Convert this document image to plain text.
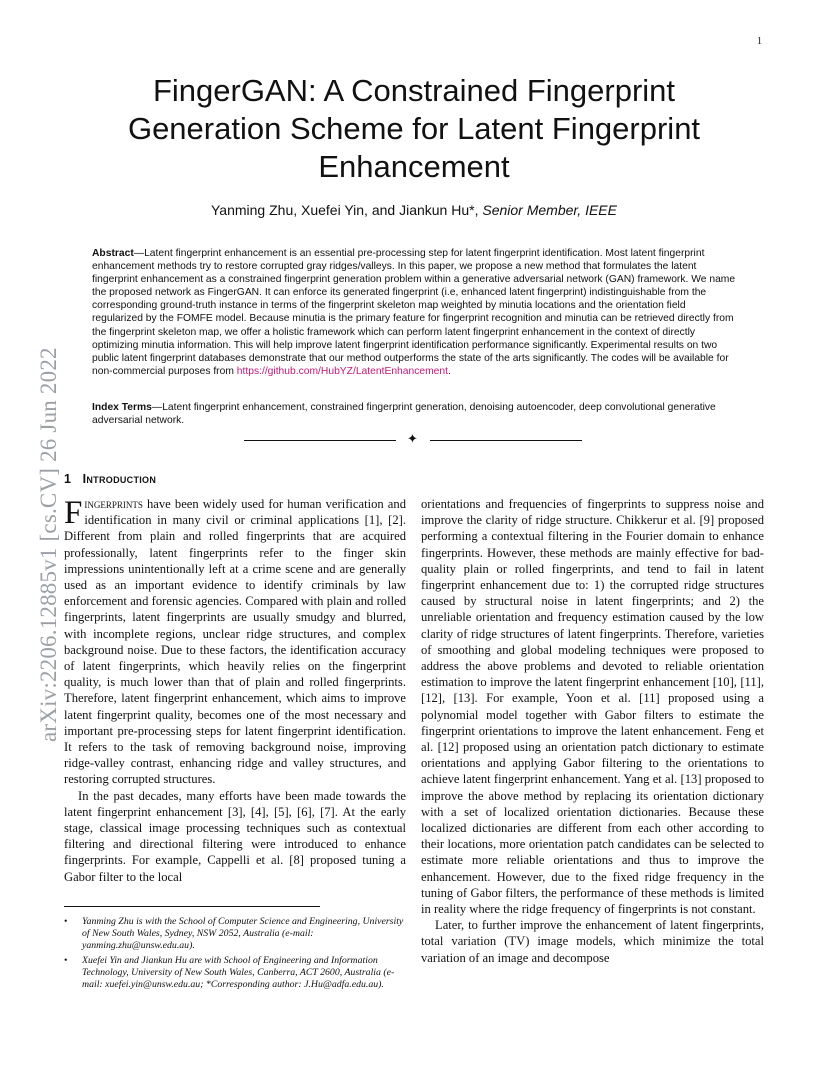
1
arXiv:2206.12885v1 [cs.CV] 26 Jun 2022
FingerGAN: A Constrained Fingerprint Generation Scheme for Latent Fingerprint Enhancement
Yanming Zhu, Xuefei Yin, and Jiankun Hu*, Senior Member, IEEE
Abstract—Latent fingerprint enhancement is an essential pre-processing step for latent fingerprint identification. Most latent fingerprint enhancement methods try to restore corrupted gray ridges/valleys. In this paper, we propose a new method that formulates the latent fingerprint enhancement as a constrained fingerprint generation problem within a generative adversarial network (GAN) framework. We name the proposed network as FingerGAN. It can enforce its generated fingerprint (i.e, enhanced latent fingerprint) indistinguishable from the corresponding ground-truth instance in terms of the fingerprint skeleton map weighted by minutia locations and the orientation field regularized by the FOMFE model. Because minutia is the primary feature for fingerprint recognition and minutia can be retrieved directly from the fingerprint skeleton map, we offer a holistic framework which can perform latent fingerprint enhancement in the context of directly optimizing minutia information. This will help improve latent fingerprint identification performance significantly. Experimental results on two public latent fingerprint databases demonstrate that our method outperforms the state of the arts significantly. The codes will be available for non-commercial purposes from https://github.com/HubYZ/LatentEnhancement.
Index Terms—Latent fingerprint enhancement, constrained fingerprint generation, denoising autoencoder, deep convolutional generative adversarial network.
✦
1 Introduction

Fingerprints have been widely used for human verification and identification in many civil or criminal applications [1], [2]. Different from plain and rolled fingerprints that are acquired professionally, latent fingerprints refer to the finger skin impressions unintentionally left at a crime scene and are generally used as an important evidence to identify criminals by law enforcement and forensic agencies. Compared with plain and rolled fingerprints, latent fingerprints are usually smudgy and blurred, with incomplete regions, unclear ridge structures, and complex background noise. Due to these factors, the identification accuracy of latent fingerprints, which heavily relies on the fingerprint quality, is much lower than that of plain and rolled fingerprints. Therefore, latent fingerprint enhancement, which aims to improve latent fingerprint quality, becomes one of the most necessary and important pre-processing steps for latent fingerprint identification. It refers to the task of removing background noise, improving ridge-valley contrast, enhancing ridge and valley structures, and restoring corrupted structures.

In the past decades, many efforts have been made towards the latent fingerprint enhancement [3], [4], [5], [6], [7]. At the early stage, classical image processing techniques such as contextual filtering and directional filtering were introduced to enhance fingerprints. For example, Cappelli et al. [8] proposed tuning a Gabor filter to the local

orientations and frequencies of fingerprints to suppress noise and improve the clarity of ridge structure. Chikkerur et al. [9] proposed performing a contextual filtering in the Fourier domain to enhance fingerprints. However, these methods are mainly effective for bad-quality plain or rolled fingerprints, and tend to fail in latent fingerprint enhancement due to: 1) the corrupted ridge structures caused by structural noise in latent fingerprints; and 2) the unreliable orientation and frequency estimation caused by the low clarity of ridge structures of latent fingerprints. Therefore, varieties of smoothing and global modeling techniques were proposed to address the above problems and devoted to reliable orientation estimation to improve the latent fingerprint enhancement [10], [11], [12], [13]. For example, Yoon et al. [11] proposed using a polynomial model together with Gabor filters to estimate the fingerprint orientations to improve the latent enhancement. Feng et al. [12] proposed using an orientation patch dictionary to estimate orientations and applying Gabor filtering to the orientations to achieve latent fingerprint enhancement. Yang et al. [13] proposed to improve the above method by replacing its orientation dictionary with a set of localized orientation dictionaries. Because these localized dictionaries are different from each other according to their locations, more orientation patch candidates can be selected to estimate more reliable orientations and thus to improve the enhancement. However, due to the fixed ridge frequency in the tuning of Gabor filters, the performance of these methods is limited in reality where the ridge frequency of fingerprints is not constant.

Later, to further improve the enhancement of latent fingerprints, total variation (TV) image models, which minimize the total variation of an image and decompose

• Yanming Zhu is with the School of Computer Science and Engineering, University of New South Wales, Sydney, NSW 2052, Australia (e-mail: yanming.zhu@unsw.edu.au).
• Xuefei Yin and Jiankun Hu are with School of Engineering and Information Technology, University of New South Wales, Canberra, ACT 2600, Australia (e-mail: xuefei.yin@unsw.edu.au; *Corresponding author: J.Hu@adfa.edu.au).
